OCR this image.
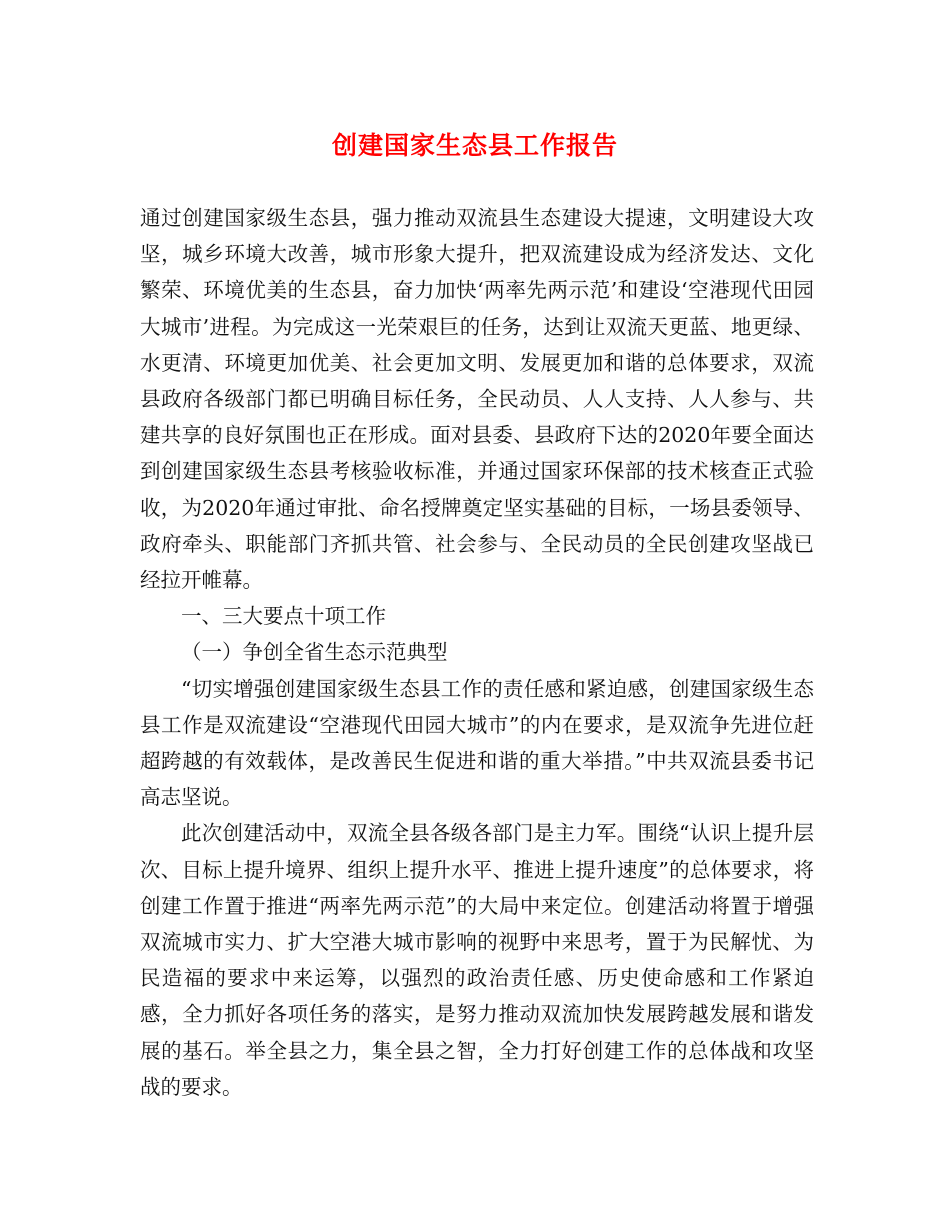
创建国家生态县工作报告

通过创建国家级生态县，强力推动双流县生态建设大提速，文明建设大攻坚，城乡环境大改善，城市形象大提升，把双流建设成为经济发达、文化繁荣、环境优美的生态县，奋力加快‘两率先两示范’和建设‘空港现代田园大城市’进程。为完成这一光荣艰巨的任务，达到让双流天更蓝、地更绿、水更清、环境更加优美、社会更加文明、发展更加和谐的总体要求，双流县政府各级部门都已明确目标任务，全民动员、人人支持、人人参与、共建共享的良好氛围也正在形成。面对县委、县政府下达的2020年要全面达到创建国家级生态县考核验收标准，并通过国家环保部的技术核查正式验收，为2020年通过审批、命名授牌奠定坚实基础的目标，一场县委领导、政府牵头、职能部门齐抓共管、社会参与、全民动员的全民创建攻坚战已经拉开帷幕。

一、三大要点十项工作

（一）争创全省生态示范典型

“切实增强创建国家级生态县工作的责任感和紧迫感，创建国家级生态县工作是双流建设“空港现代田园大城市”的内在要求，是双流争先进位赶超跨越的有效载体，是改善民生促进和谐的重大举措。”中共双流县委书记高志坚说。

此次创建活动中，双流全县各级各部门是主力军。围绕“认识上提升层次、目标上提升境界、组织上提升水平、推进上提升速度”的总体要求，将创建工作置于推进“两率先两示范”的大局中来定位。创建活动将置于增强双流城市实力、扩大空港大城市影响的视野中来思考，置于为民解忧、为民造福的要求中来运筹，以强烈的政治责任感、历史使命感和工作紧迫感，全力抓好各项任务的落实，是努力推动双流加快发展跨越发展和谐发展的基石。举全县之力，集全县之智，全力打好创建工作的总体战和攻坚战的要求。
